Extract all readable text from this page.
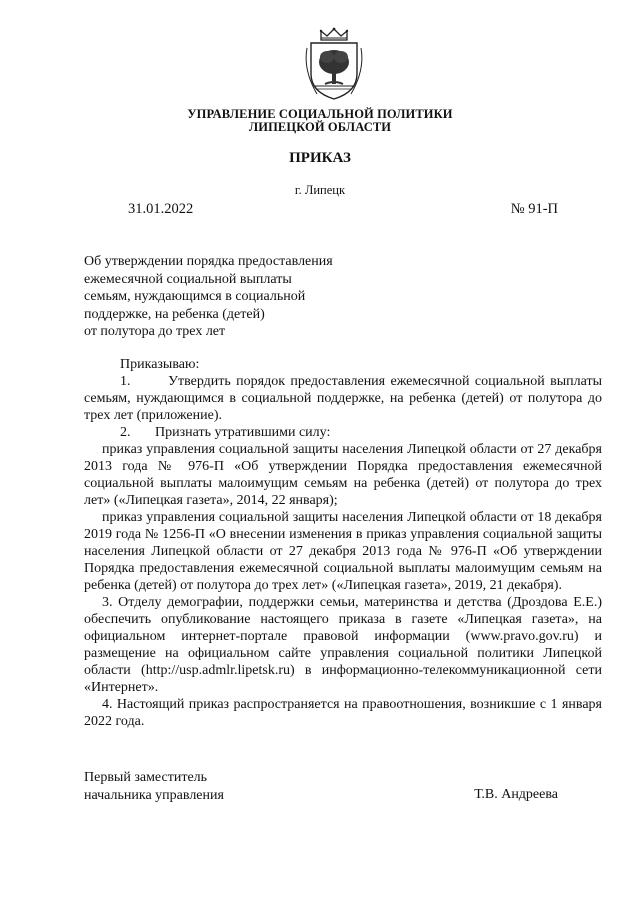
УПРАВЛЕНИЕ СОЦИАЛЬНОЙ ПОЛИТИКИ
ЛИПЕЦКОЙ ОБЛАСТИ
ПРИКАЗ
г. Липецк
31.01.2022	№ 91-П
Об утверждении порядка предоставления
ежемесячной социальной выплаты
семьям, нуждающимся в социальной
поддержке, на ребенка (детей)
от полутора до трех лет

Приказываю:

1.	Утвердить порядок предоставления ежемесячной социальной выплаты семьям, нуждающимся в социальной поддержке, на ребенка (детей) от полутора до трех лет (приложение).

2. Признать утратившими силу:

приказ управления социальной защиты населения Липецкой области от 27 декабря 2013 года № 976-П «Об утверждении Порядка предоставления ежемесячной социальной выплаты малоимущим семьям на ребенка (детей) от полутора до трех лет» («Липецкая газета», 2014, 22 января);

приказ управления социальной защиты населения Липецкой области от 18 декабря 2019 года № 1256-П «О внесении изменения в приказ управления социальной защиты населения Липецкой области от 27 декабря 2013 года № 976-П «Об утверждении Порядка предоставления ежемесячной социальной выплаты малоимущим семьям на ребенка (детей) от полутора до трех лет» («Липецкая газета», 2019, 21 декабря).

3. Отделу демографии, поддержки семьи, материнства и детства (Дроздова Е.Е.) обеспечить опубликование настоящего приказа в газете «Липецкая газета», на официальном интернет-портале правовой информации (www.pravo.gov.ru) и размещение на официальном сайте управления социальной политики Липецкой области (http://usp.admlr.lipetsk.ru) в информационно-телекоммуникационной сети «Интернет».

4. Настоящий приказ распространяется на правоотношения, возникшие с 1 января 2022 года.

Первый заместитель
начальника управления	Т.В. Андреева
